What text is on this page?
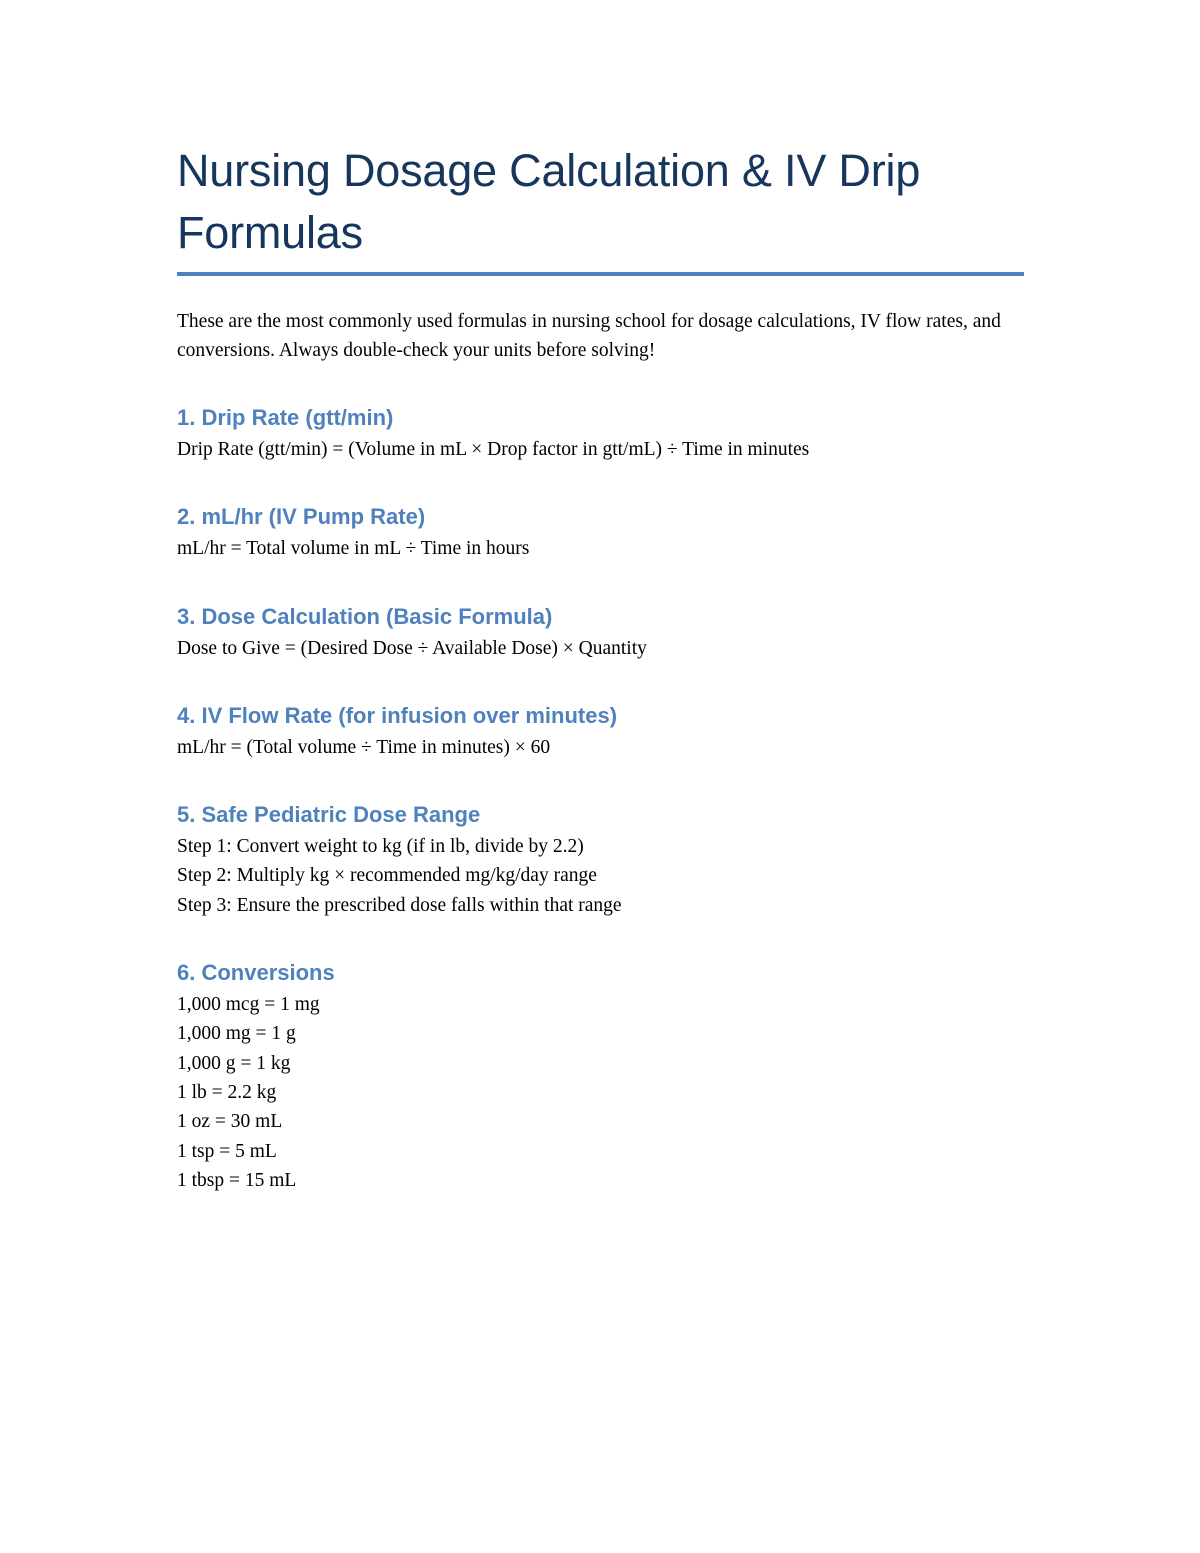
Nursing Dosage Calculation & IV Drip
Formulas

These are the most commonly used formulas in nursing school for dosage calculations, IV flow rates, and conversions. Always double-check your units before solving!

1. Drip Rate (gtt/min)

Drip Rate (gtt/min) = (Volume in mL × Drop factor in gtt/mL) ÷ Time in minutes

2. mL/hr (IV Pump Rate)

mL/hr = Total volume in mL ÷ Time in hours

3. Dose Calculation (Basic Formula)

Dose to Give = (Desired Dose ÷ Available Dose) × Quantity

4. IV Flow Rate (for infusion over minutes)

mL/hr = (Total volume ÷ Time in minutes) × 60

5. Safe Pediatric Dose Range

Step 1: Convert weight to kg (if in lb, divide by 2.2)

Step 2: Multiply kg × recommended mg/kg/day range

Step 3: Ensure the prescribed dose falls within that range

6. Conversions

1,000 mcg = 1 mg

1,000 mg = 1 g

1,000 g = 1 kg

1 lb = 2.2 kg

1 oz = 30 mL

1 tsp = 5 mL

1 tbsp = 15 mL
